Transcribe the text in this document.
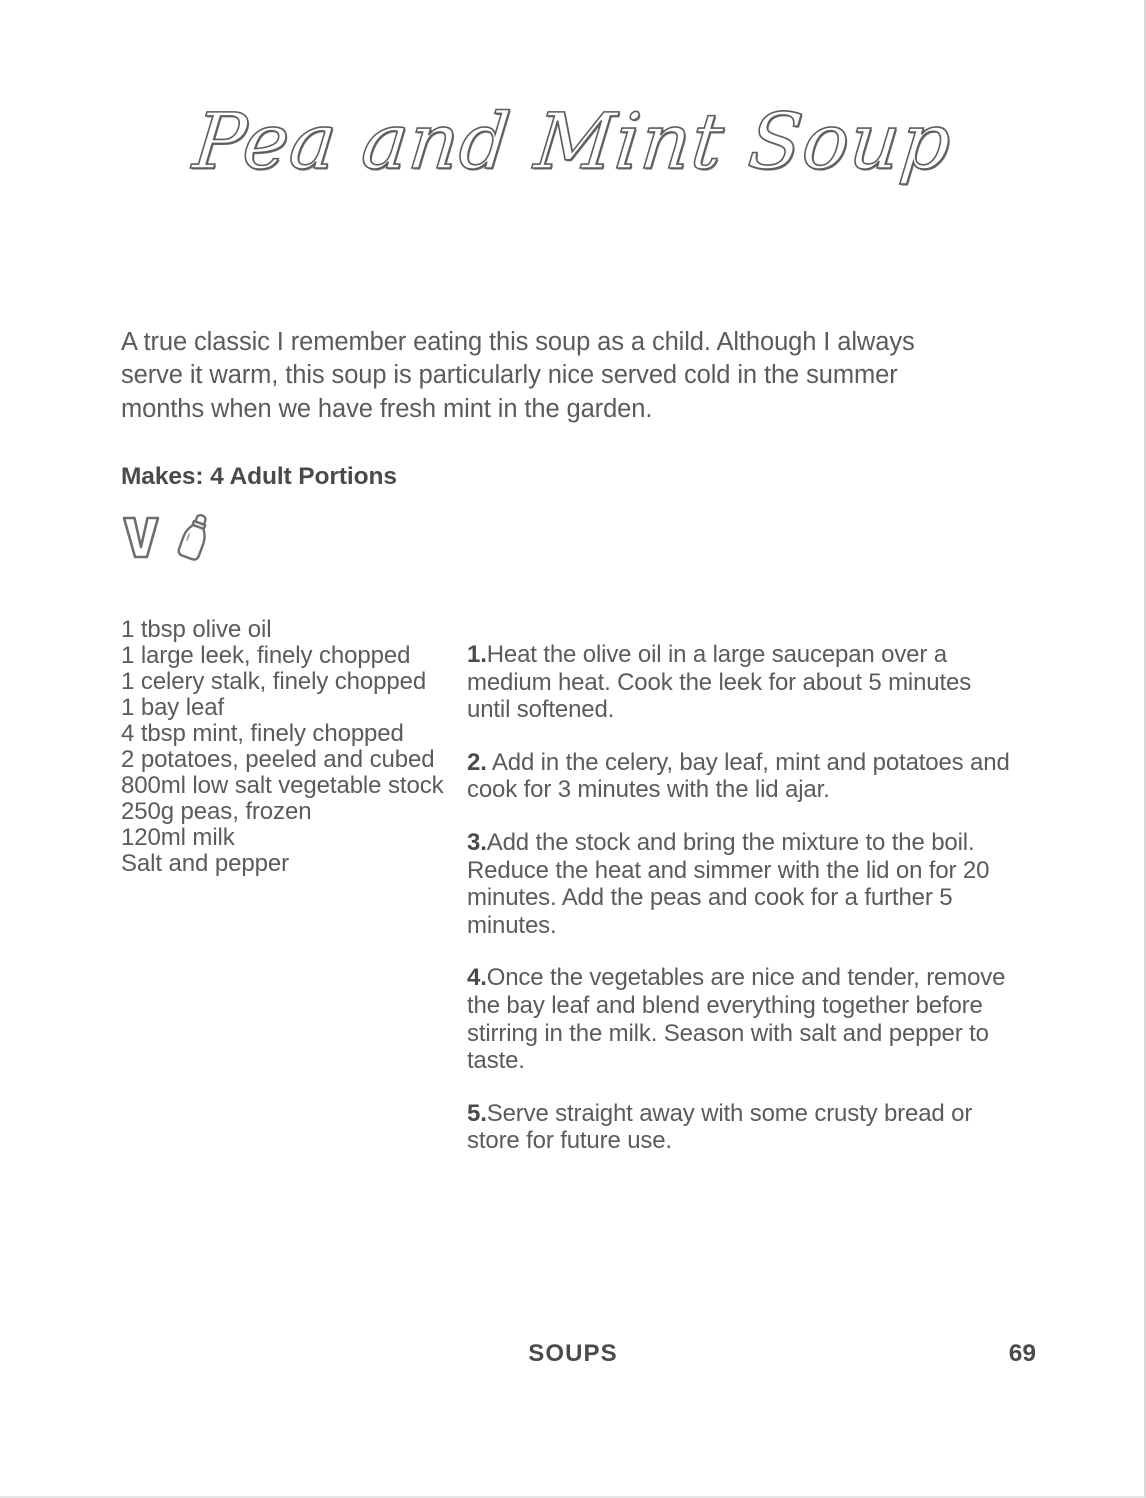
Pea and Mint Soup

A true classic I remember eating this soup as a child. Although I always serve it warm, this soup is particularly nice served cold in the summer months when we have fresh mint in the garden.

Makes: 4 Adult Portions
1 tbsp olive oil
1 large leek, finely chopped
1 celery stalk, finely chopped
1 bay leaf
4 tbsp mint, finely chopped
2 potatoes, peeled and cubed
800ml low salt vegetable stock
250g peas, frozen
120ml milk
Salt and pepper

1.Heat the olive oil in a large saucepan over a medium heat. Cook the leek for about 5 minutes until softened.

2. Add in the celery, bay leaf, mint and potatoes and cook for 3 minutes with the lid ajar.

3.Add the stock and bring the mixture to the boil. Reduce the heat and simmer with the lid on for 20 minutes. Add the peas and cook for a further 5 minutes.

4.Once the vegetables are nice and tender, remove the bay leaf and blend everything together before stirring in the milk. Season with salt and pepper to taste.

5.Serve straight away with some crusty bread or store for future use.

SOUPS	69
